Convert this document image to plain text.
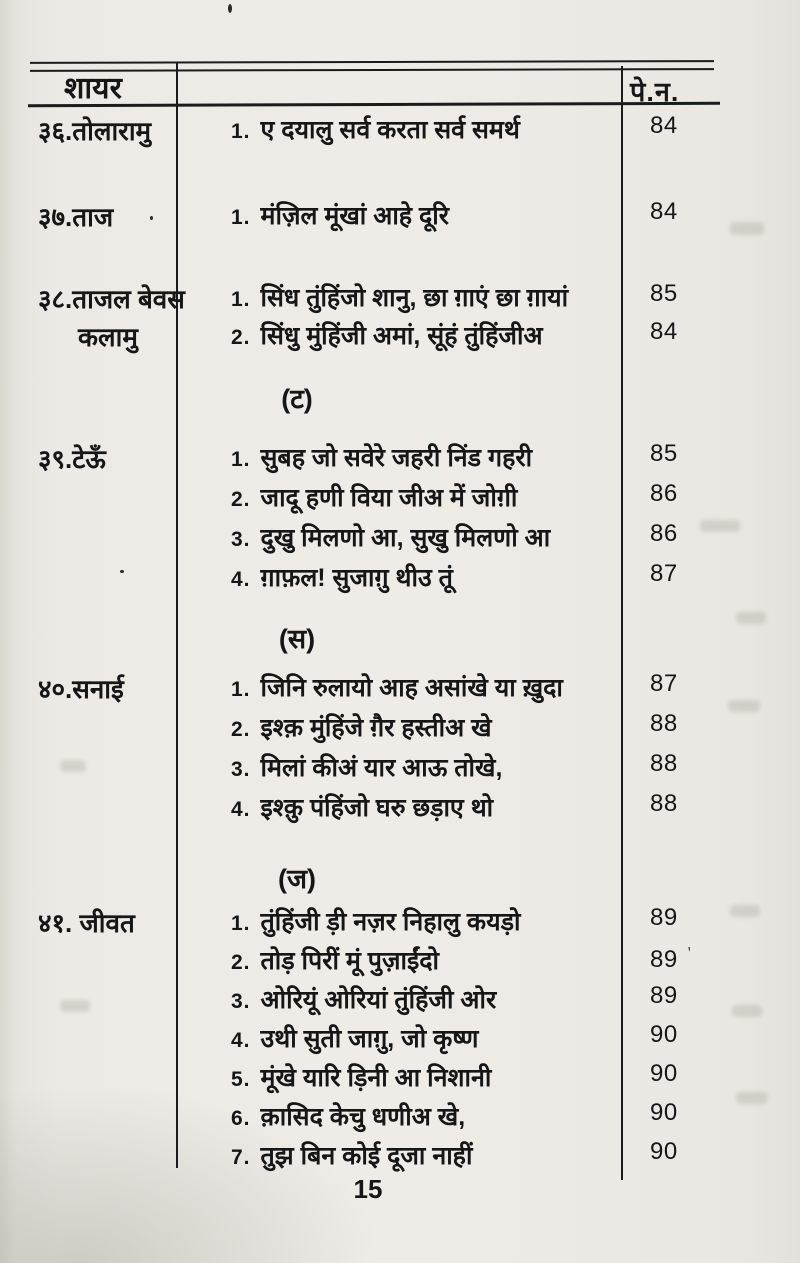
शायर	पे.न.
३६.तोलारामु	1. ए दयालु सर्व करता सर्व समर्थ	84
३७.ताज	1. मंज़िल मूंखां आहे दूरि	84
३८.ताजल बेवस
कलामु
1. सिंध तुंहिंजो शानु, छा ग़ाएं छा ग़ायां	85
2. सिंधु मुंहिंजी अमां, सूंहं तुंहिंजीअ	84
(ट)
३९.टेऊँ	1. सुबह जो सवेरे जहरी निंड गहरी	85
2. जादू हणी विया जीअ में जोग़ी	86
3. दुखु मिलणो आ, सुखु मिलणो आ	86
4. ग़ाफ़ल! सुजाग़ु थीउ तूं	87
(स)
४०.सनाई	1. जिनि रुलायो आह असांखे या ख़ुदा	87
2. इश्क़ मुंहिंजे ग़ैर हस्तीअ खे	88
3. मिलां कीअं यार आऊ तोखे,	88
4. इश्क़ु पंहिंजो घरु छड़ाए थो	88
(ज)
४१. जीवत	1. तुंहिंजी ड़ी नज़र निहालु कयड़ो	89
2. तोड़ पिरीं मूं पुज़ाईंदो	89 ＇
3. ओरियूं ओरियां तुंहिंजी ओर	89
4. उथी सुती जाग़ु, जो कृष्ण	90
5. मूंखे यारि ड़िनी आ निशानी	90
6. क़ासिद केचु धणीअ खे,	90
7. तुझ बिन कोई दूजा नाहीं	90
15
